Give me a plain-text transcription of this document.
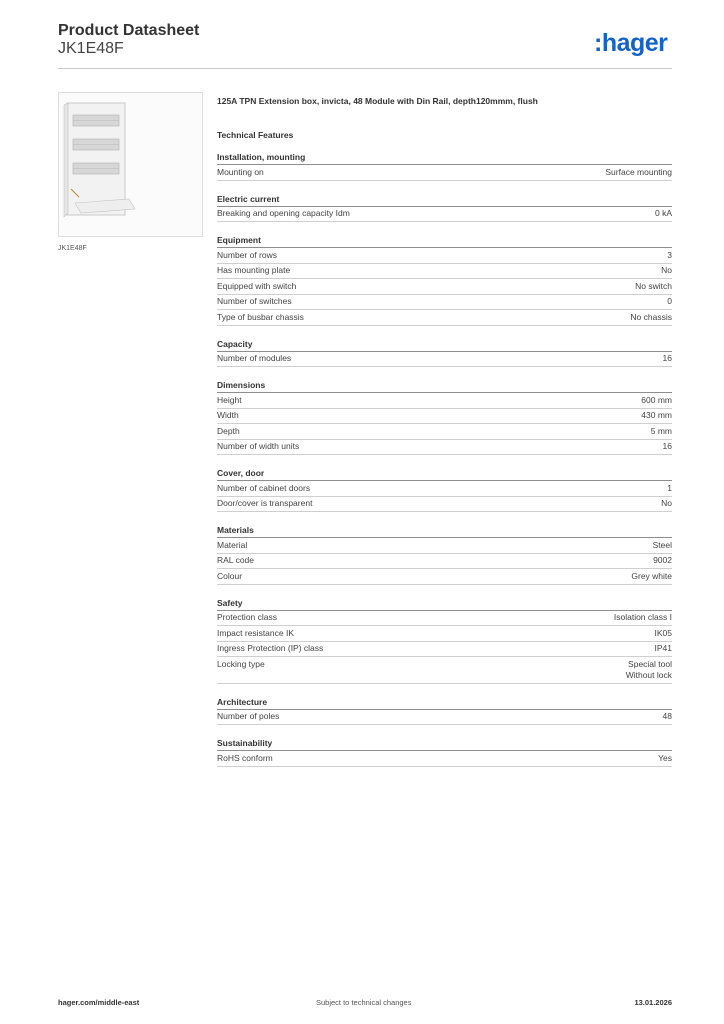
Product Datasheet
JK1E48F	:hager
JK1E48F
125A TPN Extension box, invicta, 48 Module with Din Rail, depth120mmm, flush
Technical Features
Installation, mounting
Mounting on	Surface mounting
Electric current
Breaking and opening capacity Idm	0 kA
Equipment
Number of rows	3
Has mounting plate	No
Equipped with switch	No switch
Number of switches	0
Type of busbar chassis	No chassis
Capacity
Number of modules	16
Dimensions
Height	600 mm
Width	430 mm
Depth	5 mm
Number of width units	16
Cover, door
Number of cabinet doors	1
Door/cover is transparent	No
Materials
Material	Steel
RAL code	9002
Colour	Grey white
Safety
Protection class	Isolation class I
Impact resistance IK	IK05
Ingress Protection (IP) class	IP41
Locking type	Special tool
Without lock
Architecture
Number of poles	48
Sustainability
RoHS conform	Yes
hager.com/middle-east	Subject to technical changes	13.01.2026
